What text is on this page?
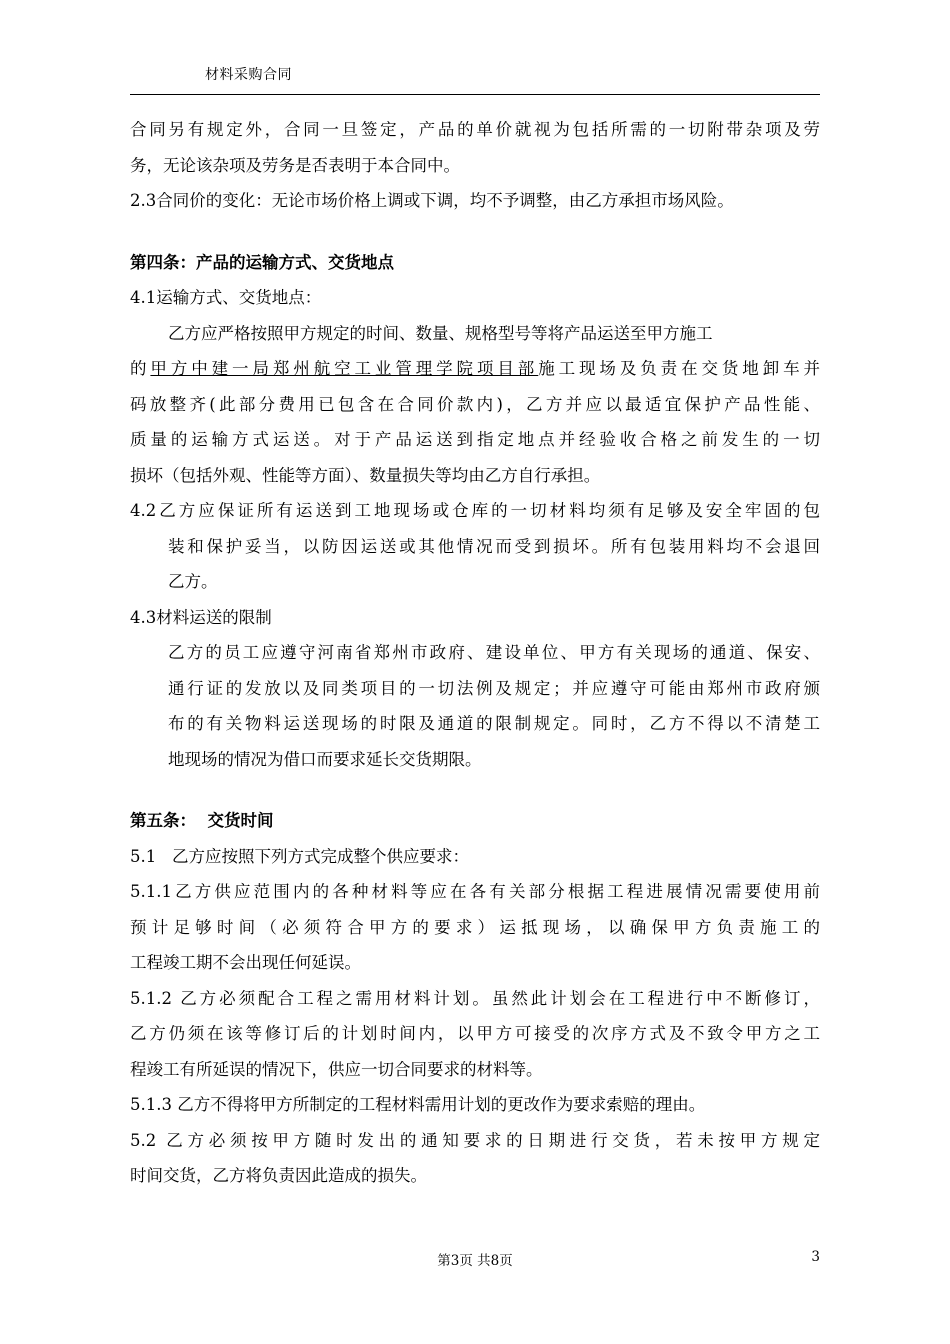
材料采购合同

合同另有规定外，合同一旦签定，产品的单价就视为包括所需的一切附带杂项及劳

务，无论该杂项及劳务是否表明于本合同中。

2.3合同价的变化：无论市场价格上调或下调，均不予调整，由乙方承担市场风险。

第四条：产品的运输方式、交货地点

4.1运输方式、交货地点：

乙方应严格按照甲方规定的时间、数量、规格型号等将产品运送至甲方施工

的甲方中建一局郑州航空工业管理学院项目部施工现场及负责在交货地卸车并

码放整齐(此部分费用已包含在合同价款内)，乙方并应以最适宜保护产品性能、

质量的运输方式运送。对于产品运送到指定地点并经验收合格之前发生的一切

损坏（包括外观、性能等方面）、数量损失等均由乙方自行承担。

4.2乙方应保证所有运送到工地现场或仓库的一切材料均须有足够及安全牢固的包

装和保护妥当，以防因运送或其他情况而受到损坏。所有包装用料均不会退回

乙方。

4.3材料运送的限制

乙方的员工应遵守河南省郑州市政府、建设单位、甲方有关现场的通道、保安、

通行证的发放以及同类项目的一切法例及规定；并应遵守可能由郑州市政府颁

布的有关物料运送现场的时限及通道的限制规定。同时，乙方不得以不清楚工

地现场的情况为借口而要求延长交货期限。

第五条：  交货时间

5.1   乙方应按照下列方式完成整个供应要求：

5.1.1乙方供应范围内的各种材料等应在各有关部分根据工程进展情况需要使用前

预计足够时间（必须符合甲方的要求）运抵现场，以确保甲方负责施工的

工程竣工期不会出现任何延误。

5.1.2 乙方必须配合工程之需用材料计划。虽然此计划会在工程进行中不断修订，

乙方仍须在该等修订后的计划时间内，以甲方可接受的次序方式及不致令甲方之工

程竣工有所延误的情况下，供应一切合同要求的材料等。

5.1.3 乙方不得将甲方所制定的工程材料需用计划的更改作为要求索赔的理由。

5.2 乙方必须按甲方随时发出的通知要求的日期进行交货，若未按甲方规定

时间交货，乙方将负责因此造成的损失。

第3页 共8页	3
